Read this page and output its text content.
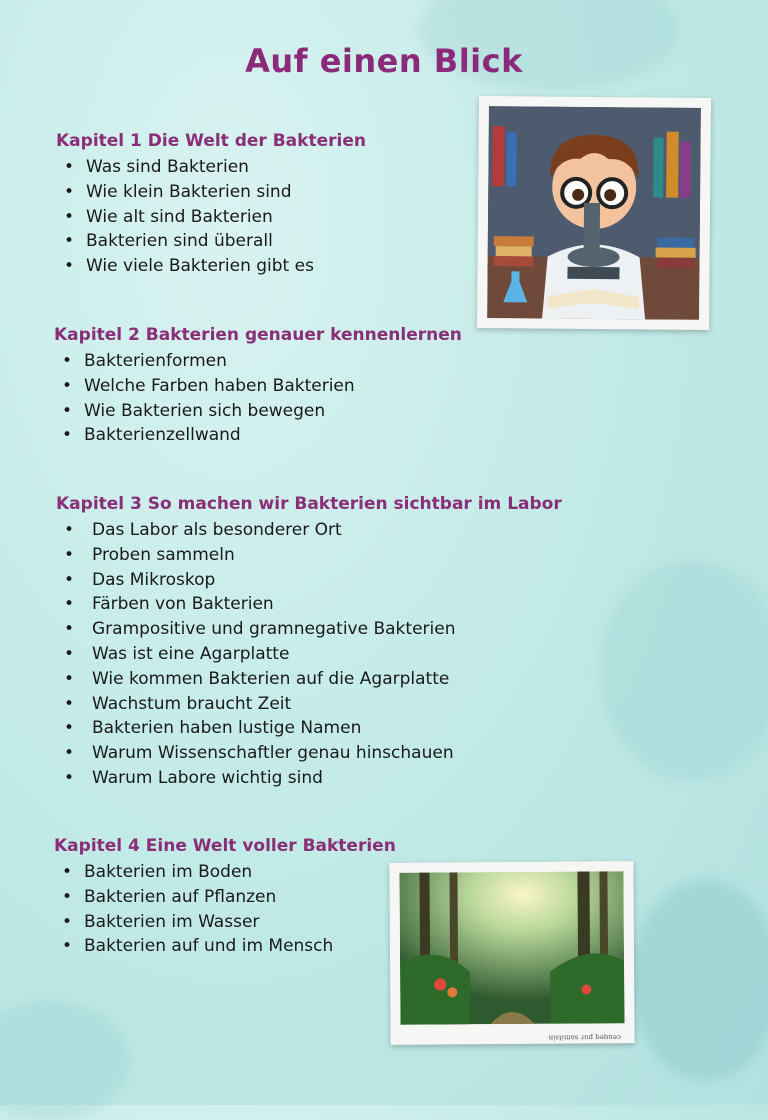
Auf einen Blick
Kapitel 1 Die Welt der Bakterien
• Was sind Bakterien
• Wie klein Bakterien sind
• Wie alt sind Bakterien
• Bakterien sind überall
• Wie viele Bakterien gibt es
Kapitel 2 Bakterien genauer kennenlernen
• Bakterienformen
• Welche Farben haben Bakterien
• Wie Bakterien sich bewegen
• Bakterienzellwand
Kapitel 3 So machen wir Bakterien sichtbar im Labor
• Das Labor als besonderer Ort
• Proben sammeln
• Das Mikroskop
• Färben von Bakterien
• Grampositive und gramnegative Bakterien
• Was ist eine Agarplatte
• Wie kommen Bakterien auf die Agarplatte
• Wachstum braucht Zeit
• Bakterien haben lustige Namen
• Warum Wissenschaftler genau hinschauen
• Warum Labore wichtig sind
Kapitel 4 Eine Welt voller Bakterien
• Bakterien im Boden
• Bakterien auf Pflanzen
• Bakterien im Wasser
• Bakterien auf und im Mensch
ceuqeq pur samitsin
